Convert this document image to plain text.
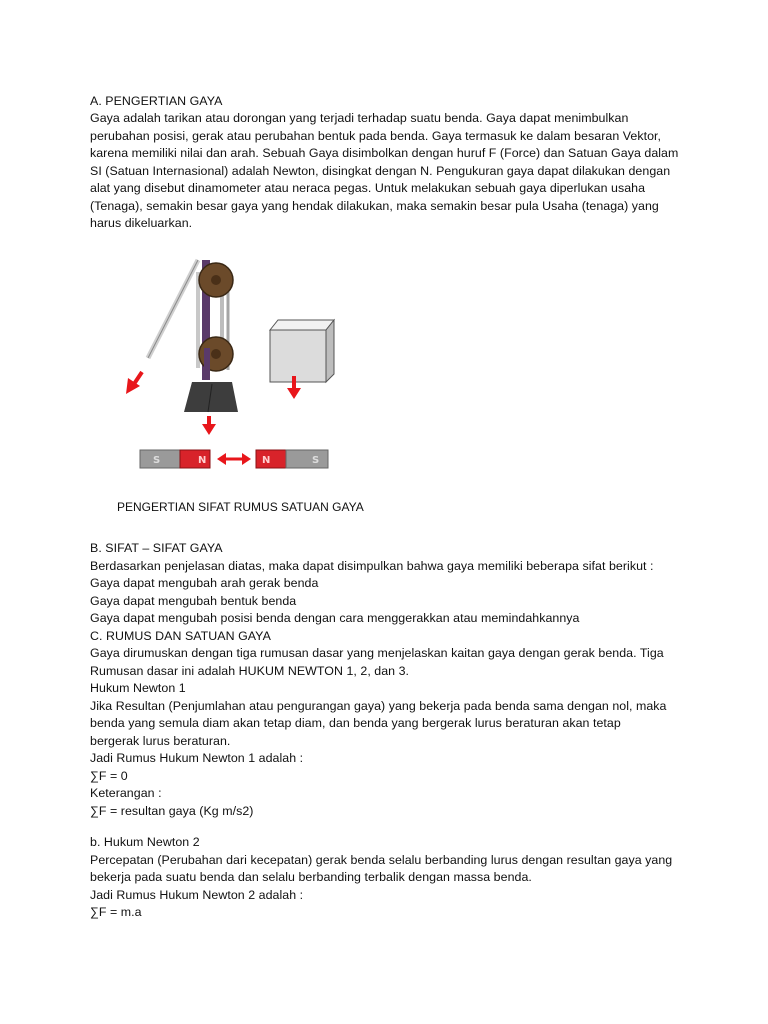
A. PENGERTIAN GAYA
Gaya adalah tarikan atau dorongan yang terjadi terhadap suatu benda. Gaya dapat menimbulkan
perubahan posisi, gerak atau perubahan bentuk pada benda. Gaya termasuk ke dalam besaran Vektor,
karena memiliki nilai dan arah. Sebuah Gaya disimbolkan dengan huruf F (Force) dan Satuan Gaya dalam
SI (Satuan Internasional) adalah Newton, disingkat dengan N. Pengukuran gaya dapat dilakukan dengan
alat yang disebut dinamometer atau neraca pegas. Untuk melakukan sebuah gaya diperlukan usaha
(Tenaga), semakin besar gaya yang hendak dilakukan, maka semakin besar pula Usaha (tenaga) yang
harus dikeluarkan.
S	N	N	S
PENGERTIAN SIFAT RUMUS SATUAN GAYA
B. SIFAT – SIFAT GAYA
Berdasarkan penjelasan diatas, maka dapat disimpulkan bahwa gaya memiliki beberapa sifat berikut :
Gaya dapat mengubah arah gerak benda
Gaya dapat mengubah bentuk benda
Gaya dapat mengubah posisi benda dengan cara menggerakkan atau memindahkannya
C. RUMUS DAN SATUAN GAYA
Gaya dirumuskan dengan tiga rumusan dasar yang menjelaskan kaitan gaya dengan gerak benda. Tiga
Rumusan dasar ini adalah HUKUM NEWTON 1, 2, dan 3.
Hukum Newton 1
Jika Resultan (Penjumlahan atau pengurangan gaya) yang bekerja pada benda sama dengan nol, maka
benda yang semula diam akan tetap diam, dan benda yang bergerak lurus beraturan akan tetap
bergerak lurus beraturan.
Jadi Rumus Hukum Newton 1 adalah :
∑F = 0
Keterangan :
∑F = resultan gaya (Kg m/s2)
b. Hukum Newton 2
Percepatan (Perubahan dari kecepatan) gerak benda selalu berbanding lurus dengan resultan gaya yang
bekerja pada suatu benda dan selalu berbanding terbalik dengan massa benda.
Jadi Rumus Hukum Newton 2 adalah :
∑F = m.a
